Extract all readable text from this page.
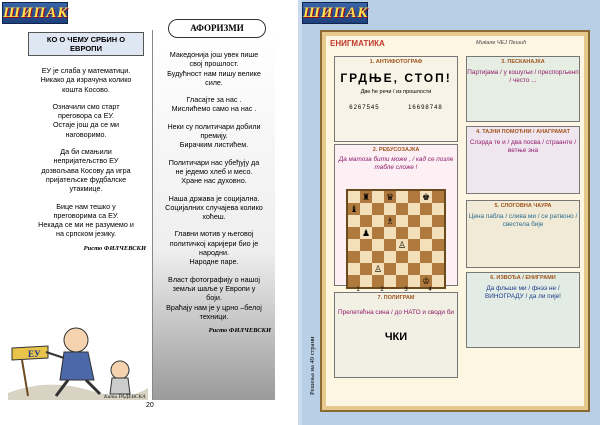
ШИПАК
КО О ЧЕМУ СРБИН О ЕВРОПИ

ЕУ је слаба у математици.

Никако да израчуна колико

кошта Косово.

Означили смо старт

преговора са ЕУ.

Остаје још да се ми

наговоримо.

Да би смањили

непријатељство ЕУ

дозвољава Косову да игра

пријатељске фудбалске

утакмице.

Бице нам тешко у

преговорима са ЕУ.

Некада се ми не разумемо и

на српском језику.

Ристо ФИЛЧЕВСКИ
АФОРИЗМИ

Македонија још увек пише

свој прошлост.

Будућност нам пишу велике

силе.

Гласајте за нас .

Мислићемо само на нас .

Неки су политичари добили

премију.

Бирачким листићем.

Политичари нас убеђују да

не једемо хлеб и месо.

Хране нас духовно.

Наша држава је социјална.

Социјалних случајева колико

хоћеш.

Главни мотив у његовој

политичкој каријери био је

народни.

Народне паре.

Власт фотографију о нашој

земљи шаље у Европи у

боји.

Враћају нам је у црно –белој

техници.

Ристо ФИЛЧЕВСКИ
ЕУ
Кити РАДЕВСКА
20
ШИПАК
Решења на 49 страни
ЕНИГМАТИКА	Миќале ЧЕЈ Пешић
1. АНТИФОТОГРАФ
ГРДЊЕ, СТОП!
Две ће речи / из прошлости
6267545	16698748
3. ПЕСКАНАЈКА
Партијама / у кошуљи / преспорљенп / често ...
2. РЕБУСОЗАЈКА
Да матоза бити може , / кад се позле табле сложе !
4. ТАЈНИ ПОМОЋНИ / АНАГРАМАТ
Слэрда те и / два посва / страанте / ветње зна
5. СЛОГОВНА ЧАУРА
Цена пабла / слива ми / се ратвоно / свестела бије
6. ИЗВОЂА / ЕНИГРАМИ
Да фльше ми / фнээ не / ВИНОГРАДУ / да ли пије!
7. ПОЛИГРАМ
Прелетећна сина / до НАТО и своди би
ЧКИ
♜ ♛	♚
♝
♗
♟
♙
♙
♔
1	2	3	4
